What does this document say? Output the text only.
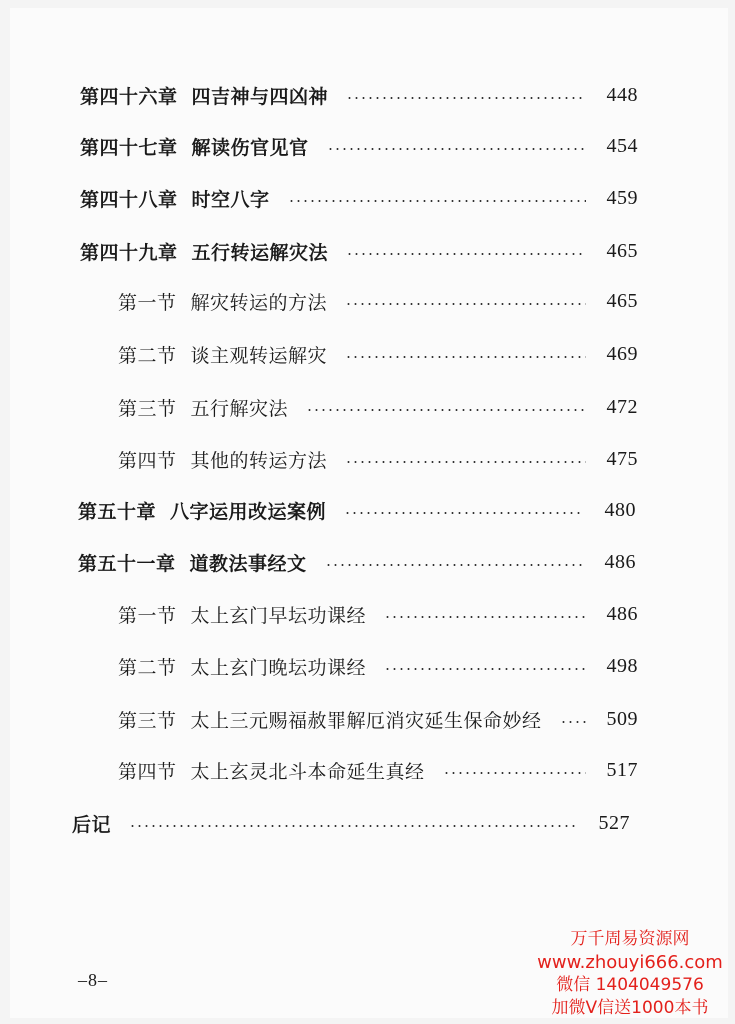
第四十六章 四吉神与四凶神	448
第四十七章 解读伤官见官	454
第四十八章 时空八字	459
第四十九章 五行转运解灾法	465
第一节 解灾转运的方法	465
第二节 谈主观转运解灾	469
第三节 五行解灾法	472
第四节 其他的转运方法	475
第五十章 八字运用改运案例	480
第五十一章 道教法事经文	486
第一节 太上玄门早坛功课经	486
第二节 太上玄门晚坛功课经	498
第三节 太上三元赐福赦罪解厄消灾延生保命妙经	509
第四节 太上玄灵北斗本命延生真经	517
后记	527
–8–
万千周易资源网
www.zhouyi666.com
微信 1404049576
加微V信送1000本书
